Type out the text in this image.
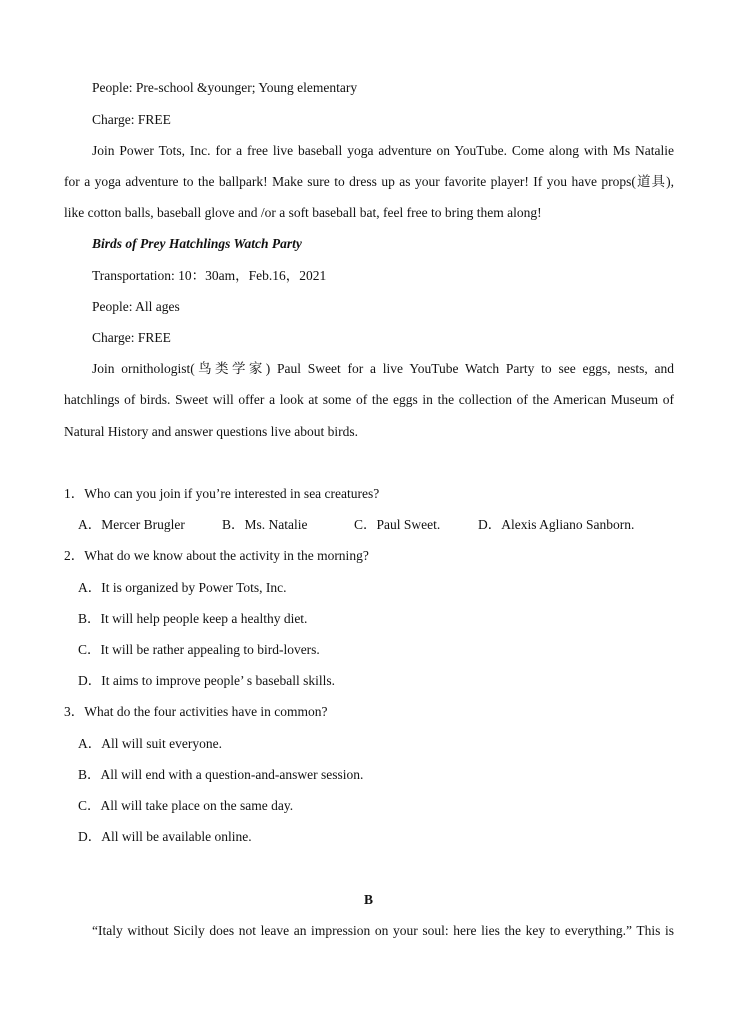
People: Pre-school &younger; Young elementary
Charge: FREE
Join Power Tots, Inc. for a free live baseball yoga adventure on YouTube. Come along with Ms Natalie
for a yoga adventure to the ballpark! Make sure to dress up as your favorite player! If you have props(道具),
like cotton balls, baseball glove and /or a soft baseball bat, feel free to bring them along!
Birds of Prey Hatchlings Watch Party
Transportation: 10：30am，Feb.16，2021
People: All ages
Charge: FREE
Join ornithologist(鸟类学家) Paul Sweet for a live YouTube Watch Party to see eggs, nests, and
hatchlings of birds. Sweet will offer a look at some of the eggs in the collection of the American Museum of
Natural History and answer questions live about birds.
1．Who can you join if you’re interested in sea creatures?
A．Mercer Brugler	B．Ms. Natalie	C．Paul Sweet.	D．Alexis Agliano Sanborn.
2．What do we know about the activity in the morning?
A．It is organized by Power Tots, Inc.
B．It will help people keep a healthy diet.
C．It will be rather appealing to bird-lovers.
D．It aims to improve people’ s baseball skills.
3．What do the four activities have in common?
A．All will suit everyone.
B．All will end with a question-and-answer session.
C．All will take place on the same day.
D．All will be available online.
B
“Italy without Sicily does not leave an impression on your soul: here lies the key to everything.” This is
